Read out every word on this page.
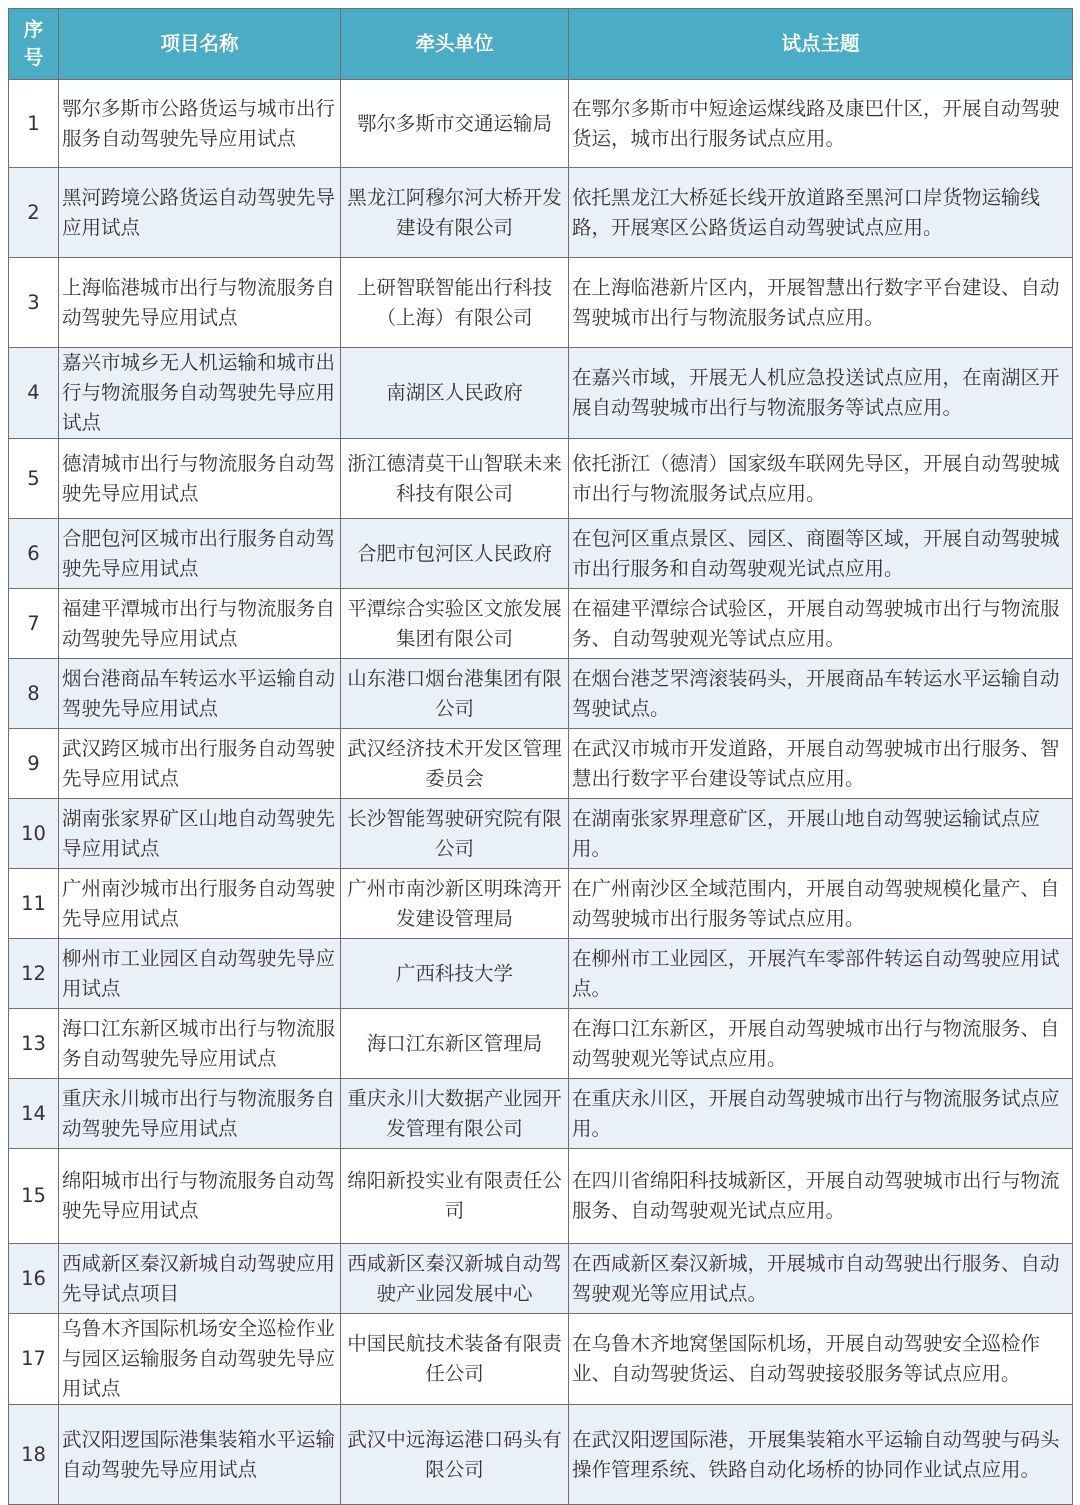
序号	项目名称	牵头单位	试点主题
1	鄂尔多斯市公路货运与城市出行服务自动驾驶先导应用试点	鄂尔多斯市交通运输局	在鄂尔多斯市中短途运煤线路及康巴什区，开展自动驾驶货运，城市出行服务试点应用。
2	黑河跨境公路货运自动驾驶先导应用试点	黑龙江阿穆尔河大桥开发建设有限公司	依托黑龙江大桥延长线开放道路至黑河口岸货物运输线路，开展寒区公路货运自动驾驶试点应用。
3	上海临港城市出行与物流服务自动驾驶先导应用试点	上研智联智能出行科技（上海）有限公司	在上海临港新片区内，开展智慧出行数字平台建设、自动驾驶城市出行与物流服务试点应用。
4	嘉兴市城乡无人机运输和城市出行与物流服务自动驾驶先导应用试点	南湖区人民政府	在嘉兴市域，开展无人机应急投送试点应用，在南湖区开展自动驾驶城市出行与物流服务等试点应用。
5	德清城市出行与物流服务自动驾驶先导应用试点	浙江德清莫干山智联未来科技有限公司	依托浙江（德清）国家级车联网先导区，开展自动驾驶城市出行与物流服务试点应用。
6	合肥包河区城市出行服务自动驾驶先导应用试点	合肥市包河区人民政府	在包河区重点景区、园区、商圈等区域，开展自动驾驶城市出行服务和自动驾驶观光试点应用。
7	福建平潭城市出行与物流服务自动驾驶先导应用试点	平潭综合实验区文旅发展集团有限公司	在福建平潭综合试验区，开展自动驾驶城市出行与物流服务、自动驾驶观光等试点应用。
8	烟台港商品车转运水平运输自动驾驶先导应用试点	山东港口烟台港集团有限公司	在烟台港芝罘湾滚装码头，开展商品车转运水平运输自动驾驶试点。
9	武汉跨区城市出行服务自动驾驶先导应用试点	武汉经济技术开发区管理委员会	在武汉市城市开发道路，开展自动驾驶城市出行服务、智慧出行数字平台建设等试点应用。
10	湖南张家界矿区山地自动驾驶先导应用试点	长沙智能驾驶研究院有限公司	在湖南张家界理意矿区，开展山地自动驾驶运输试点应用。
11	广州南沙城市出行服务自动驾驶先导应用试点	广州市南沙新区明珠湾开发建设管理局	在广州南沙区全域范围内，开展自动驾驶规模化量产、自动驾驶城市出行服务等试点应用。
12	柳州市工业园区自动驾驶先导应用试点	广西科技大学	在柳州市工业园区，开展汽车零部件转运自动驾驶应用试点。
13	海口江东新区城市出行与物流服务自动驾驶先导应用试点	海口江东新区管理局	在海口江东新区，开展自动驾驶城市出行与物流服务、自动驾驶观光等试点应用。
14	重庆永川城市出行与物流服务自动驾驶先导应用试点	重庆永川大数据产业园开发管理有限公司	在重庆永川区，开展自动驾驶城市出行与物流服务试点应用。
15	绵阳城市出行与物流服务自动驾驶先导应用试点	绵阳新投实业有限责任公司	在四川省绵阳科技城新区，开展自动驾驶城市出行与物流服务、自动驾驶观光试点应用。
16	西咸新区秦汉新城自动驾驶应用先导试点项目	西咸新区秦汉新城自动驾驶产业园发展中心	在西咸新区秦汉新城，开展城市自动驾驶出行服务、自动驾驶观光等应用试点。
17	乌鲁木齐国际机场安全巡检作业与园区运输服务自动驾驶先导应用试点	中国民航技术装备有限责任公司	在乌鲁木齐地窝堡国际机场，开展自动驾驶安全巡检作业、自动驾驶货运、自动驾驶接驳服务等试点应用。
18	武汉阳逻国际港集装箱水平运输自动驾驶先导应用试点	武汉中远海运港口码头有限公司	在武汉阳逻国际港，开展集装箱水平运输自动驾驶与码头操作管理系统、铁路自动化场桥的协同作业试点应用。
